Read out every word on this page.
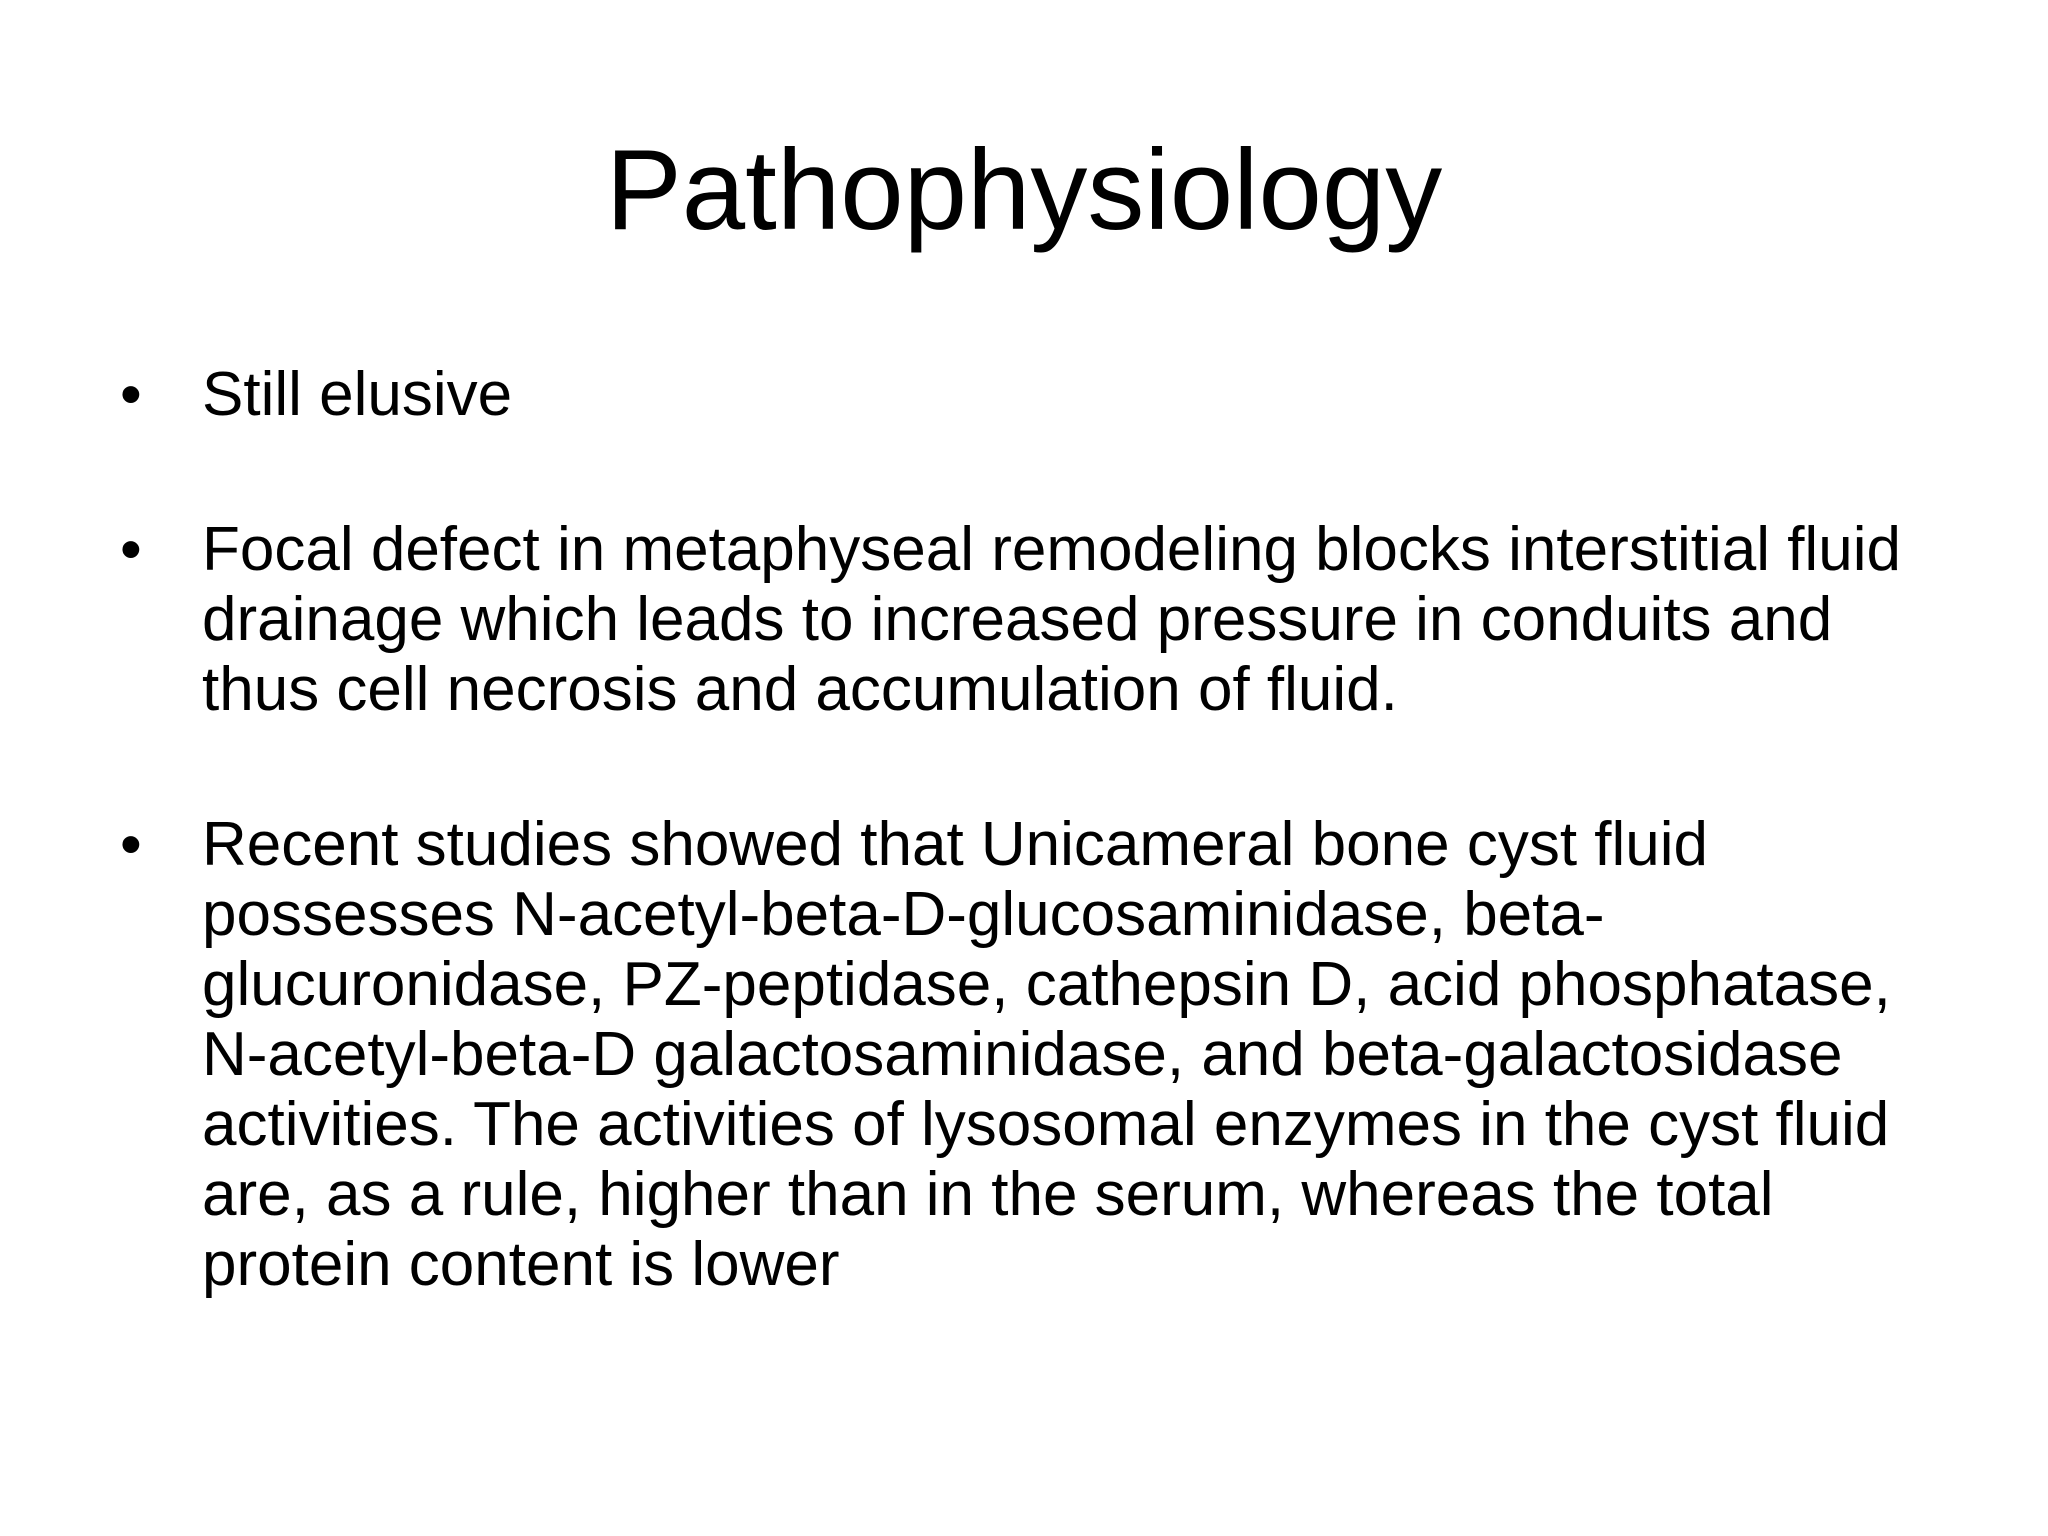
Pathophysiology
• Still elusive
• Focal defect in metaphyseal remodeling blocks interstitial fluid drainage which leads to increased pressure in conduits and thus cell necrosis and accumulation of fluid.
• Recent studies showed that Unicameral bone cyst fluid possesses N-acetyl-beta-D-glucosaminidase, beta-glucuronidase, PZ-peptidase, cathepsin D, acid phosphatase, N-acetyl-beta-D galactosaminidase, and beta-galactosidase activities. The activities of lysosomal enzymes in the cyst fluid are, as a rule, higher than in the serum, whereas the total protein content is lower
